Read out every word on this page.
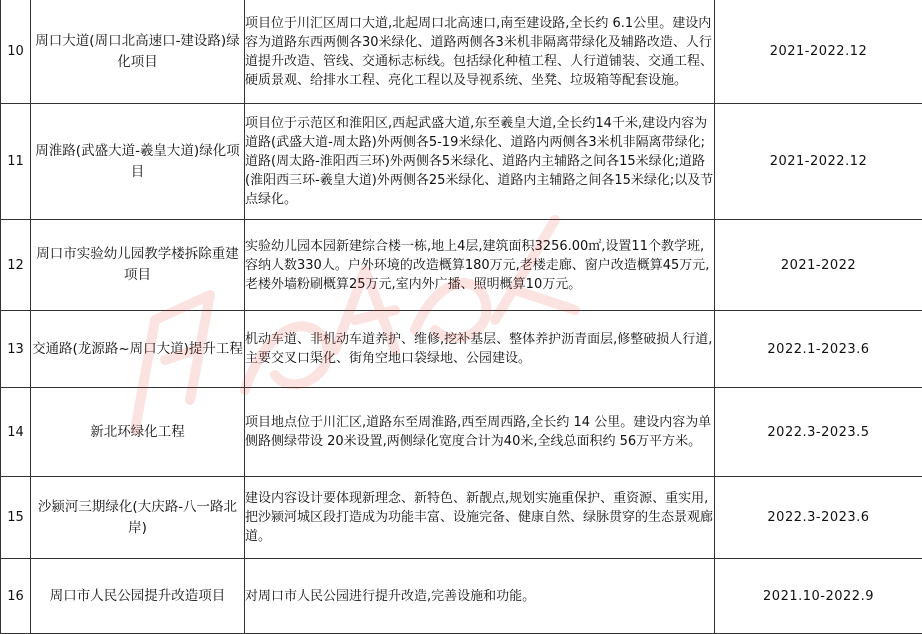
10	周口大道(周口北高速口-建设路)绿化项目	项目位于川汇区周口大道,北起周口北高速口,南至建设路,全长约 6.1公里。建设内容为道路东西两侧各30米绿化、道路两侧各3米机非隔离带绿化及辅路改造、人行道提升改造、管线、交通标志标线。包括绿化种植工程、人行道铺装、交通工程、硬质景观、给排水工程、亮化工程以及导视系统、坐凳、垃圾箱等配套设施。	2021-2022.12
11	周淮路(武盛大道-羲皇大道)绿化项目	项目位于示范区和淮阳区,西起武盛大道,东至羲皇大道,全长约14千米,建设内容为道路(武盛大道-周太路)外两侧各5-19米绿化、道路内两侧各3米机非隔离带绿化;道路(周太路-淮阳西三环)外两侧各5米绿化、道路内主辅路之间各15米绿化;道路(淮阳西三环-羲皇大道)外两侧各25米绿化、道路内主辅路之间各15米绿化;以及节点绿化。	2021-2022.12
12	周口市实验幼儿园教学楼拆除重建项目	实验幼儿园本园新建综合楼一栋,地上4层,建筑面积3256.00㎡,设置11个教学班,容纳人数330人。户外环境的改造概算180万元,老楼走廊、窗户改造概算45万元,老楼外墙粉刷概算25万元,室内外广播、照明概算10万元。	2021-2022
13	交通路(龙源路~周口大道)提升工程	机动车道、非机动车道养护、维修,挖补基层、整体养护沥青面层,修整破损人行道,主要交叉口渠化、街角空地口袋绿地、公园建设。	2022.1-2023.6
14	新北环绿化工程	项目地点位于川汇区,道路东至周淮路,西至周西路,全长约 14 公里。建设内容为单侧路侧绿带设 20米设置,两侧绿化宽度合计为40米,全线总面积约 56万平方米。	2022.3-2023.5
15	沙颍河三期绿化(大庆路-八一路北岸)	建设内容设计要体现新理念、新特色、新靓点,规划实施重保护、重资源、重实用,把沙颍河城区段打造成为功能丰富、设施完备、健康自然、绿脉贯穿的生态景观廊道。	2022.3-2023.6
16	周口市人民公园提升改造项目	对周口市人民公园进行提升改造,完善设施和功能。	2021.10-2022.9
